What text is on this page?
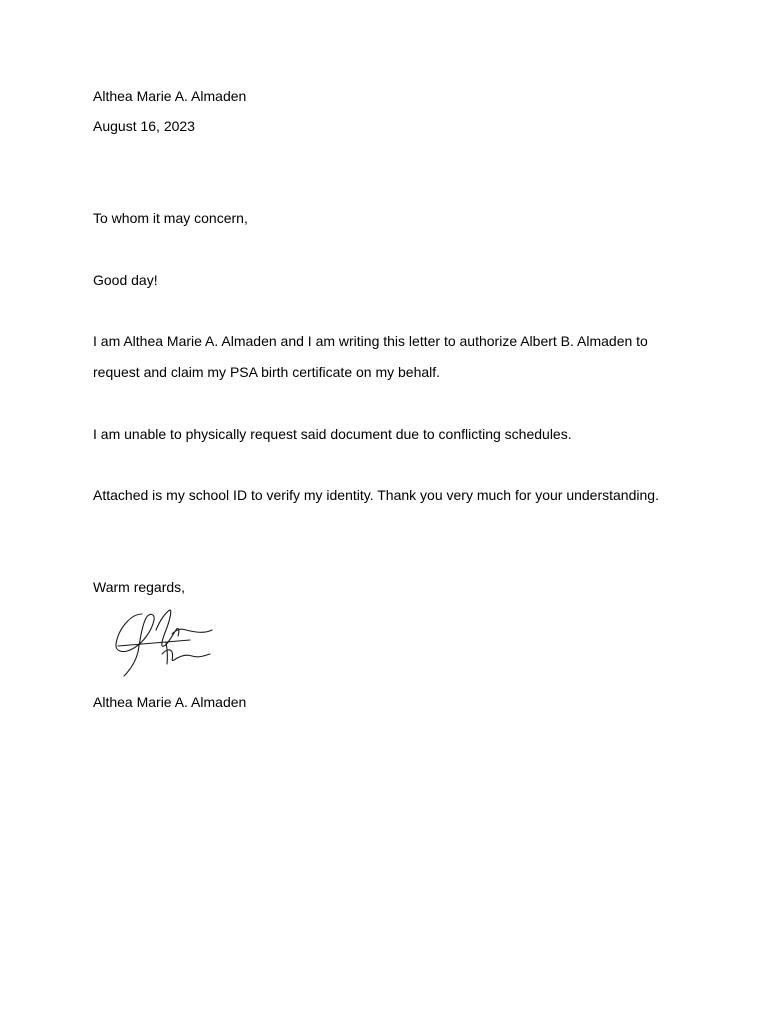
Althea Marie A. Almaden

August 16, 2023

To whom it may concern,

Good day!

I am Althea Marie A. Almaden and I am writing this letter to authorize Albert B. Almaden to

request and claim my PSA birth certificate on my behalf.

I am unable to physically request said document due to conflicting schedules.

Attached is my school ID to verify my identity. Thank you very much for your understanding.

Warm regards,

Althea Marie A. Almaden
